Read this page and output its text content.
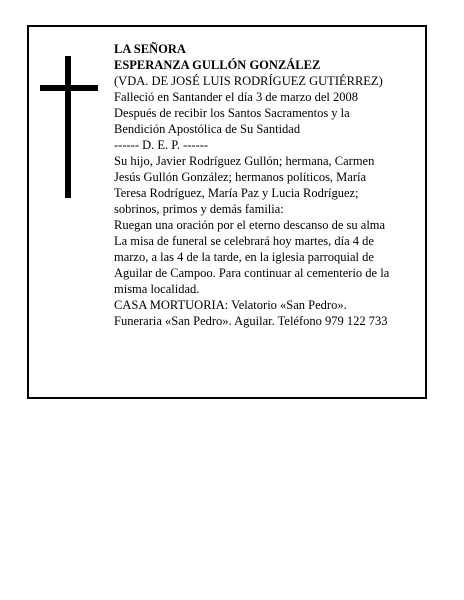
LA SEÑORA
ESPERANZA GULLÓN GONZÁLEZ
(VDA. DE JOSÉ LUIS RODRÍGUEZ GUTIÉRREZ)
Falleció en Santander el día 3 de marzo del 2008
Después de recibir los Santos Sacramentos y la
Bendición Apostólica de Su Santidad
------ D. E. P. ------
Su hijo, Javier Rodríguez Gullón; hermana, Carmen
Jesús Gullón González; hermanos políticos, María
Teresa Rodríguez, María Paz y Lucia Rodríguez;
sobrinos, primos y demás familia:
Ruegan una oración por el eterno descanso de su alma
La misa de funeral se celebrará hoy martes, día 4 de
marzo, a las 4 de la tarde, en la iglesia parroquial de
Aguilar de Campoo. Para continuar al cementerio de la
misma localidad.
CASA MORTUORIA: Velatorio «San Pedro».
Funeraria «San Pedro». Aguilar. Teléfono 979 122 733
